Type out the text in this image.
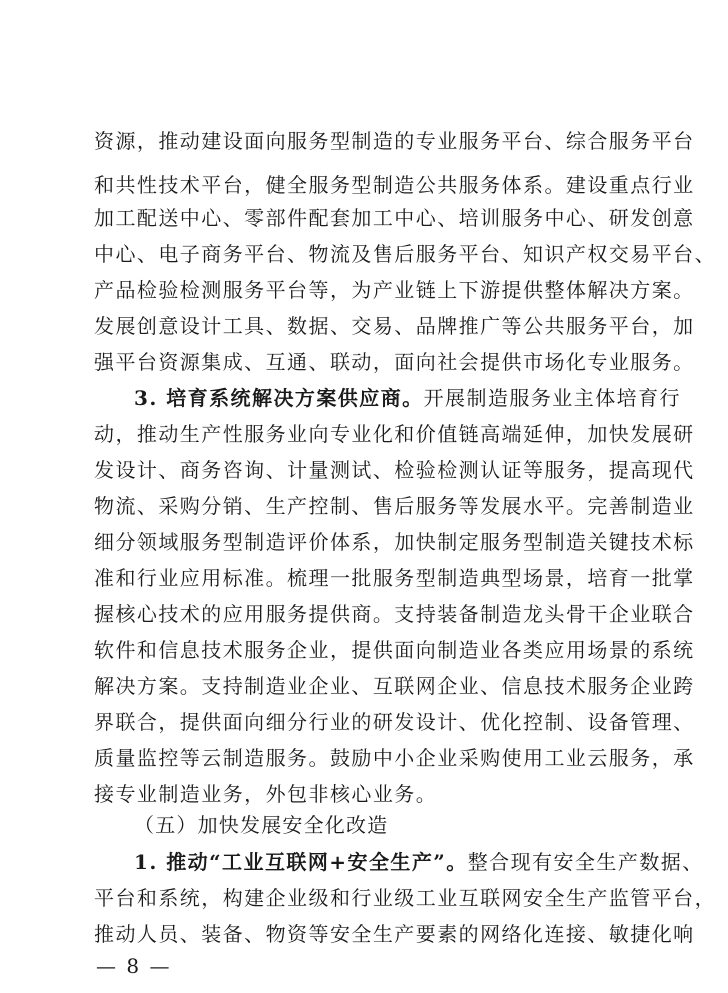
资源，推动建设面向服务型制造的专业服务平台、综合服务平台
和共性技术平台，健全服务型制造公共服务体系。建设重点行业
加工配送中心、零部件配套加工中心、培训服务中心、研发创意
中心、电子商务平台、物流及售后服务平台、知识产权交易平台、
产品检验检测服务平台等，为产业链上下游提供整体解决方案。
发展创意设计工具、数据、交易、品牌推广等公共服务平台，加
强平台资源集成、互通、联动，面向社会提供市场化专业服务。
3. 培育系统解决方案供应商。开展制造服务业主体培育行
动，推动生产性服务业向专业化和价值链高端延伸，加快发展研
发设计、商务咨询、计量测试、检验检测认证等服务，提高现代
物流、采购分销、生产控制、售后服务等发展水平。完善制造业
细分领域服务型制造评价体系，加快制定服务型制造关键技术标
准和行业应用标准。梳理一批服务型制造典型场景，培育一批掌
握核心技术的应用服务提供商。支持装备制造龙头骨干企业联合
软件和信息技术服务企业，提供面向制造业各类应用场景的系统
解决方案。支持制造业企业、互联网企业、信息技术服务企业跨
界联合，提供面向细分行业的研发设计、优化控制、设备管理、
质量监控等云制造服务。鼓励中小企业采购使用工业云服务，承
接专业制造业务，外包非核心业务。
（五）加快发展安全化改造
1. 推动“工业互联网+安全生产”。整合现有安全生产数据、
平台和系统，构建企业级和行业级工业互联网安全生产监管平台，
推动人员、装备、物资等安全生产要素的网络化连接、敏捷化响
— 8 —
